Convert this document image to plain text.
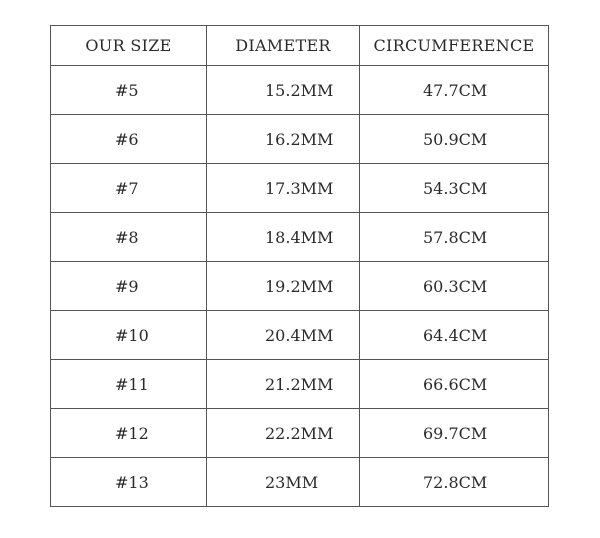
OUR SIZE	DIAMETER	CIRCUMFERENCE
#5	15.2MM	47.7CM
#6	16.2MM	50.9CM
#7	17.3MM	54.3CM
#8	18.4MM	57.8CM
#9	19.2MM	60.3CM
#10	20.4MM	64.4CM
#11	21.2MM	66.6CM
#12	22.2MM	69.7CM
#13	23MM	72.8CM
